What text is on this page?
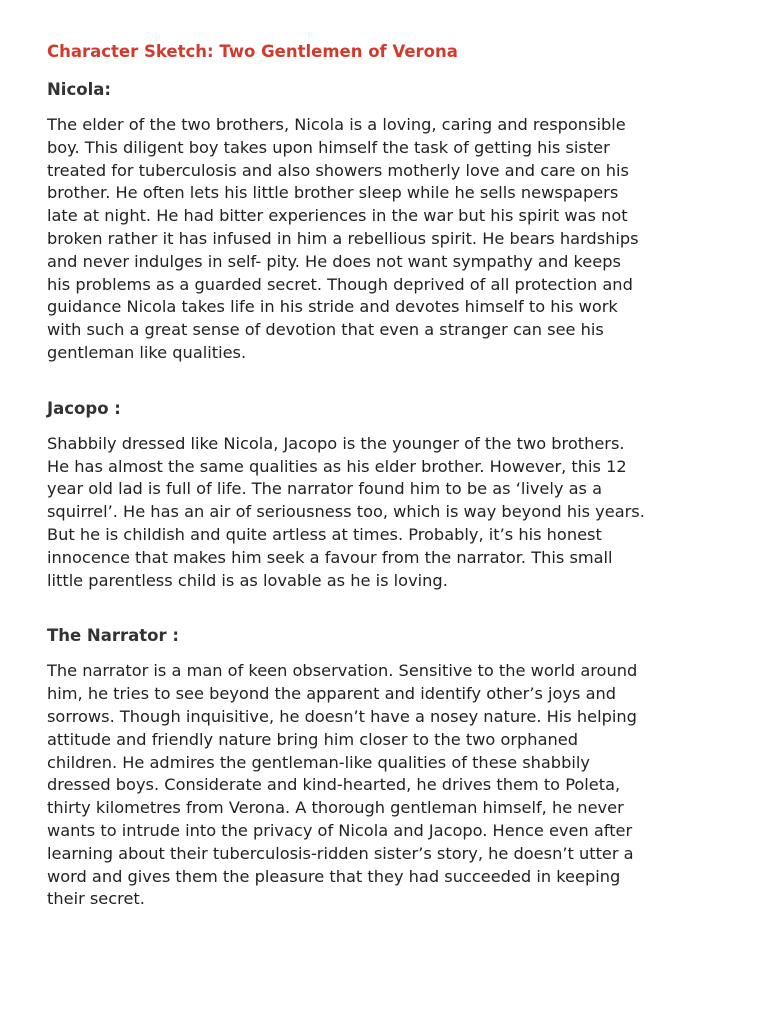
Character Sketch: Two Gentlemen of Verona
Nicola:

The elder of the two brothers, Nicola is a loving, caring and responsible
boy. This diligent boy takes upon himself the task of getting his sister
treated for tuberculosis and also showers motherly love and care on his
brother. He often lets his little brother sleep while he sells newspapers
late at night. He had bitter experiences in the war but his spirit was not
broken rather it has infused in him a rebellious spirit. He bears hardships
and never indulges in self- pity. He does not want sympathy and keeps
his problems as a guarded secret. Though deprived of all protection and
guidance Nicola takes life in his stride and devotes himself to his work
with such a great sense of devotion that even a stranger can see his
gentleman like qualities.

Jacopo :

Shabbily dressed like Nicola, Jacopo is the younger of the two brothers.
He has almost the same qualities as his elder brother. However, this 12
year old lad is full of life. The narrator found him to be as ‘lively as a
squirrel’. He has an air of seriousness too, which is way beyond his years.
But he is childish and quite artless at times. Probably, it’s his honest
innocence that makes him seek a favour from the narrator. This small
little parentless child is as lovable as he is loving.

The Narrator :

The narrator is a man of keen observation. Sensitive to the world around
him, he tries to see beyond the apparent and identify other’s joys and
sorrows. Though inquisitive, he doesn’t have a nosey nature. His helping
attitude and friendly nature bring him closer to the two orphaned
children. He admires the gentleman-like qualities of these shabbily
dressed boys. Considerate and kind-hearted, he drives them to Poleta,
thirty kilometres from Verona. A thorough gentleman himself, he never
wants to intrude into the privacy of Nicola and Jacopo. Hence even after
learning about their tuberculosis-ridden sister’s story, he doesn’t utter a
word and gives them the pleasure that they had succeeded in keeping
their secret.
